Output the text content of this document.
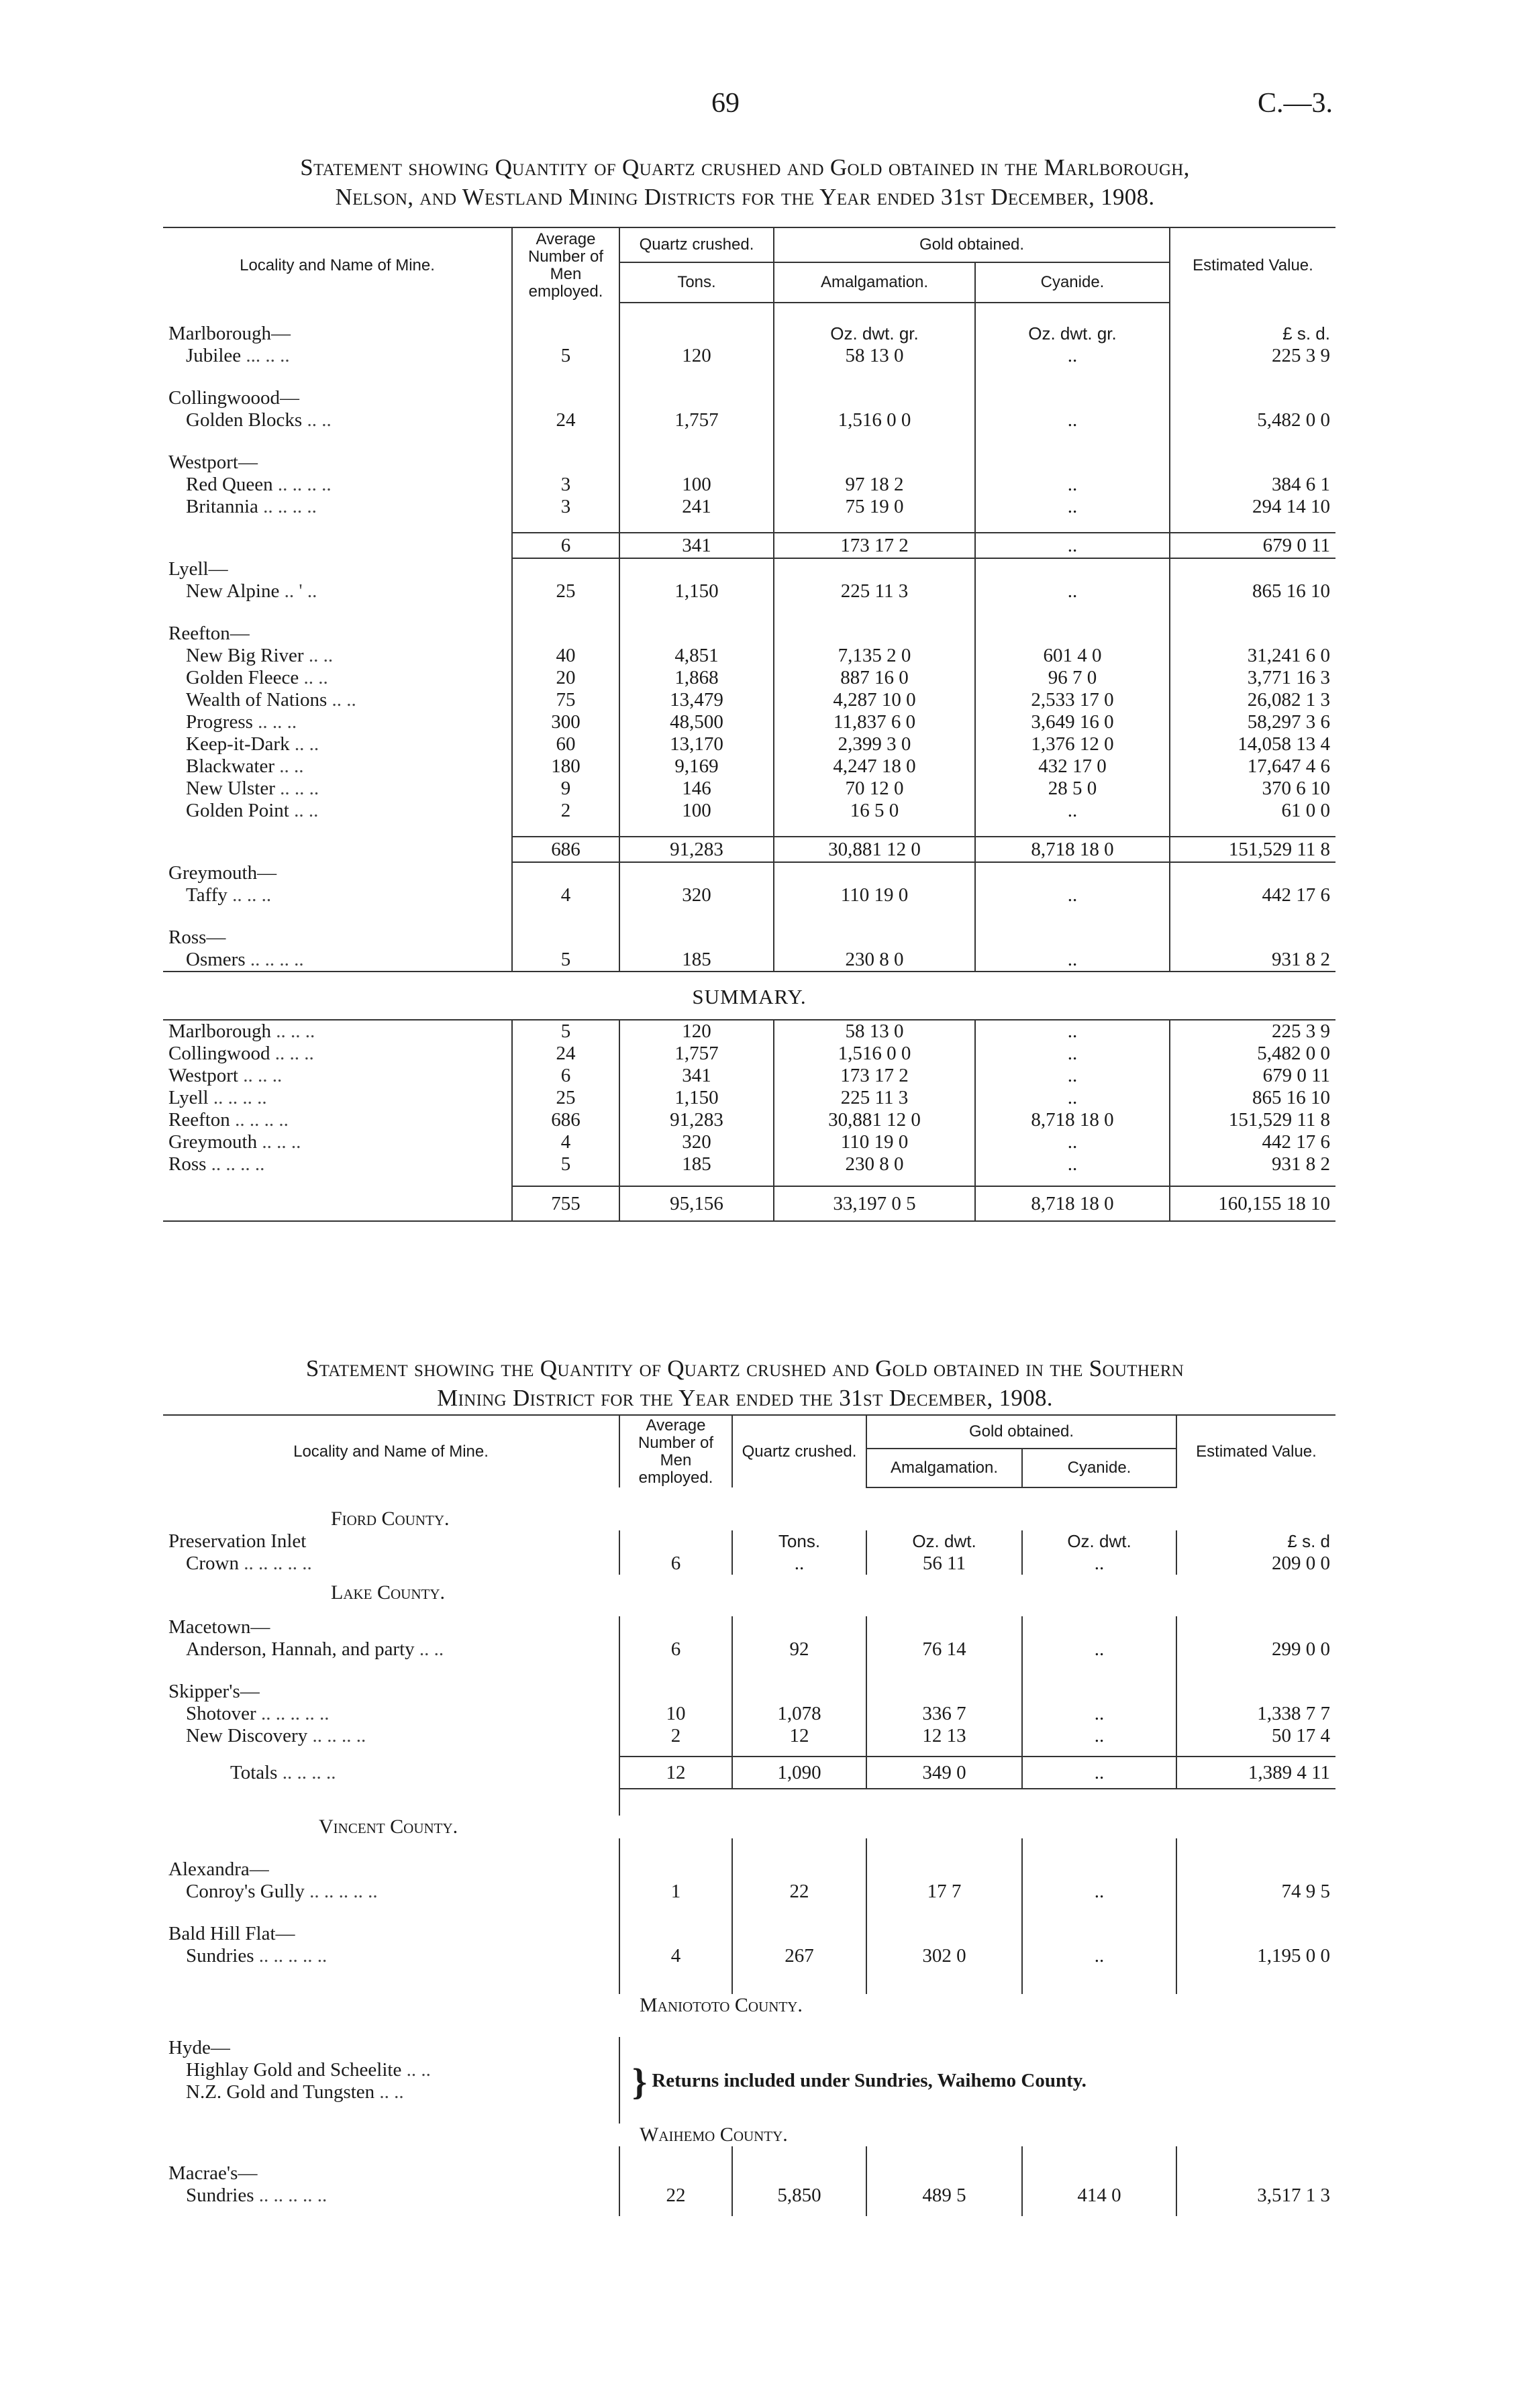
69	C.—3.
Statement showing Quantity of Quartz crushed and Gold obtained in the Marlborough,
Nelson, and Westland Mining Districts for the Year ended 31st December, 1908.
Locality and Name of Mine.	Average Number of Men employed.	Quartz crushed.	Gold obtained.		Estimated Value.
		Tons.	Amalgamation.	Cyanide.	

Marlborough—			Oz. dwt. gr.	Oz. dwt. gr.	£ s. d.
Jubilee ... .. ..	5	120	58 13 0	..	225 3 9

Collingwoood—					
Golden Blocks .. ..	24	1,757	1,516 0 0	..	5,482 0 0

Westport—					
Red Queen .. .. .. ..	3	100	97 18 2	..	384 6 1
Britannia .. .. .. ..	3	241	75 19 0	..	294 14 10

	6	341	173 17 2	..	679 0 11
Lyell—					
New Alpine .. ' ..	25	1,150	225 11 3	..	865 16 10

Reefton—					
New Big River .. ..	40	4,851	7,135 2 0	601 4 0	31,241 6 0
Golden Fleece .. ..	20	1,868	887 16 0	96 7 0	3,771 16 3
Wealth of Nations .. ..	75	13,479	4,287 10 0	2,533 17 0	26,082 1 3
Progress .. .. ..	300	48,500	11,837 6 0	3,649 16 0	58,297 3 6
Keep-it-Dark .. ..	60	13,170	2,399 3 0	1,376 12 0	14,058 13 4
Blackwater .. ..	180	9,169	4,247 18 0	432 17 0	17,647 4 6
New Ulster .. .. ..	9	146	70 12 0	28 5 0	370 6 10
Golden Point .. ..	2	100	16 5 0	..	61 0 0

	686	91,283	30,881 12 0	8,718 18 0	151,529 11 8
Greymouth—					
Taffy .. .. ..	4	320	110 19 0	..	442 17 6

Ross—					
Osmers .. .. .. ..	5	185	230 8 0	..	931 8 2

SUMMARY.					

Marlborough .. .. ..	5	120	58 13 0	..	225 3 9
Collingwood .. .. ..	24	1,757	1,516 0 0	..	5,482 0 0
Westport .. .. ..	6	341	173 17 2	..	679 0 11
Lyell .. .. .. ..	25	1,150	225 11 3	..	865 16 10
Reefton .. .. .. ..	686	91,283	30,881 12 0	8,718 18 0	151,529 11 8
Greymouth .. .. ..	4	320	110 19 0	..	442 17 6
Ross .. .. .. ..	5	185	230 8 0	..	931 8 2

	755	95,156	33,197 0 5	8,718 18 0	160,155 18 10
Statement showing the Quantity of Quartz crushed and Gold obtained in the Southern
Mining District for the Year ended the 31st December, 1908.
Locality and Name of Mine.	Average Number of Men employed.	Quartz crushed.	Gold obtained.		Estimated Value.
			Amalgamation.	Cyanide.	

Fiord County.					
Preservation Inlet		Tons.	Oz. dwt.	Oz. dwt.	£ s. d
Crown .. .. .. .. ..	6	..	56 11	..	209 0 0

Lake County.					

Macetown—					
Anderson, Hannah, and party .. ..	6	92	76 14	..	299 0 0

Skipper's—					
Shotover .. .. .. .. ..	10	1,078	336 7	..	1,338 7 7
New Discovery .. .. .. ..	2	12	12 13	..	50 17 4

Totals .. .. .. ..	12	1,090	349 0	..	1,389 4 11

Vincent County.					

Alexandra—					
Conroy's Gully .. .. .. .. ..	1	22	17 7	..	74 9 5

Bald Hill Flat—					
Sundries .. .. .. .. ..	4	267	302 0	..	1,195 0 0

Maniototo County.					

Hyde—					
Highlay Gold and Scheelite .. ..	} Returns included under Sundries, Waihemo County.				
N.Z. Gold and Tungsten .. ..					

Waihemo County.					

Macrae's—					
Sundries .. .. .. .. ..	22	5,850	489 5	414 0	3,517 1 3
